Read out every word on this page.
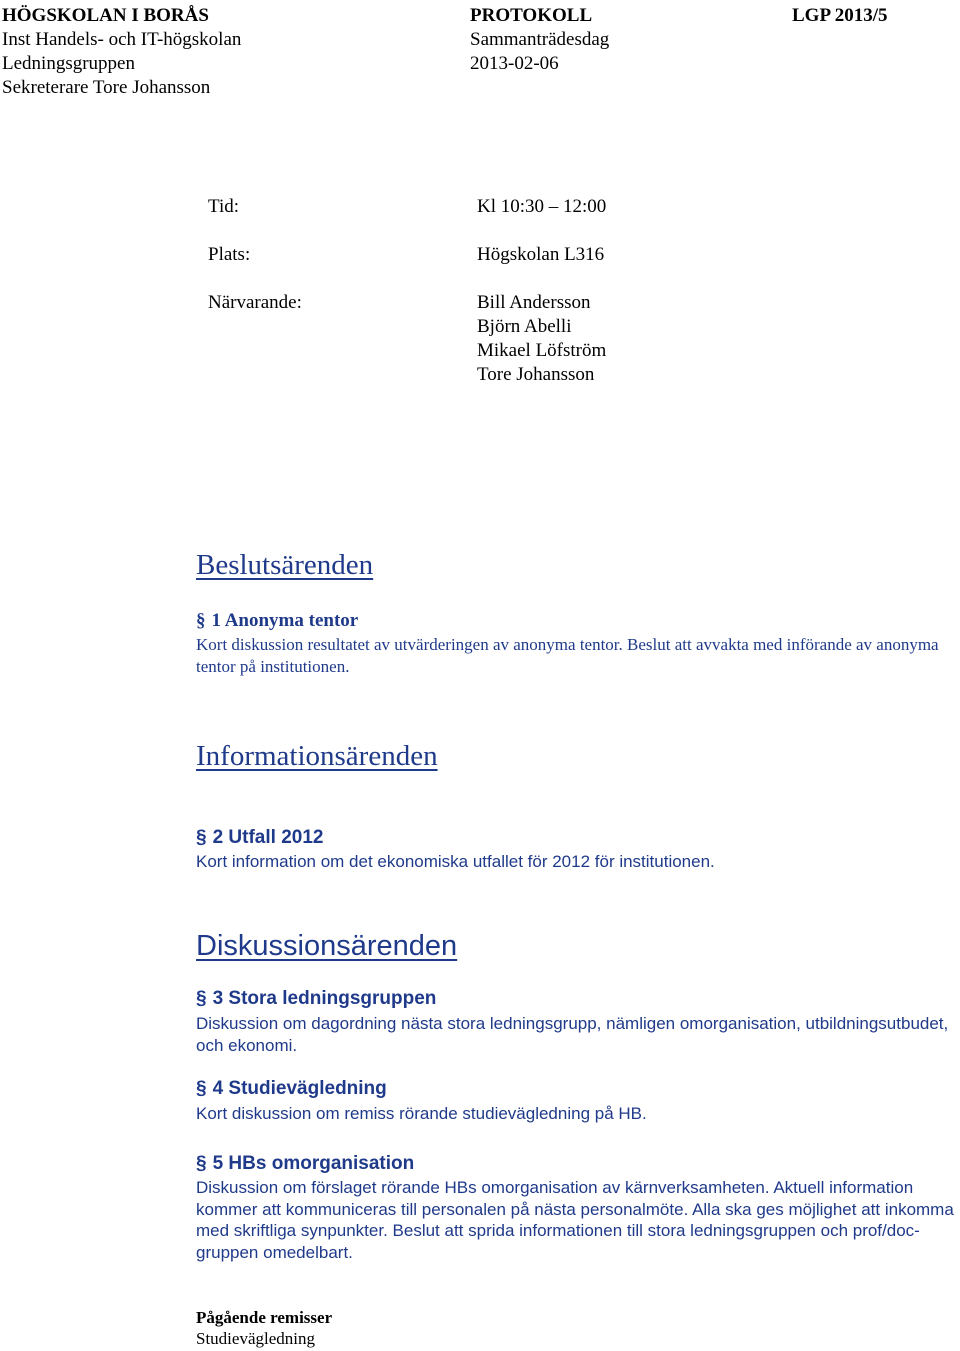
HÖGSKOLAN I BORÅS
Inst Handels- och IT-högskolan
Ledningsgruppen
Sekreterare Tore Johansson
PROTOKOLL
Sammanträdesdag
2013-02-06
LGP 2013/5
Tid:	Kl 10:30 – 12:00
Plats:	Högskolan L316
Närvarande:	Bill Andersson
Björn Abelli
Mikael Löfström
Tore Johansson
Beslutsärenden
§ 1 Anonyma tentor
Kort diskussion resultatet av utvärderingen av anonyma tentor. Beslut att avvakta med införande av anonyma tentor på institutionen.
Informationsärenden
§ 2 Utfall 2012
Kort information om det ekonomiska utfallet för 2012 för institutionen.
Diskussionsärenden
§ 3 Stora ledningsgruppen
Diskussion om dagordning nästa stora ledningsgrupp, nämligen omorganisation, utbildningsutbudet, och ekonomi.
§ 4 Studievägledning
Kort diskussion om remiss rörande studievägledning på HB.
§ 5 HBs omorganisation
Diskussion om förslaget rörande HBs omorganisation av kärnverksamheten. Aktuell information kommer att kommuniceras till personalen på nästa personalmöte. Alla ska ges möjlighet att inkomma med skriftliga synpunkter. Beslut att sprida informationen till stora ledningsgruppen och prof/doc-gruppen omedelbart.
Pågående remisser
Studievägledning
